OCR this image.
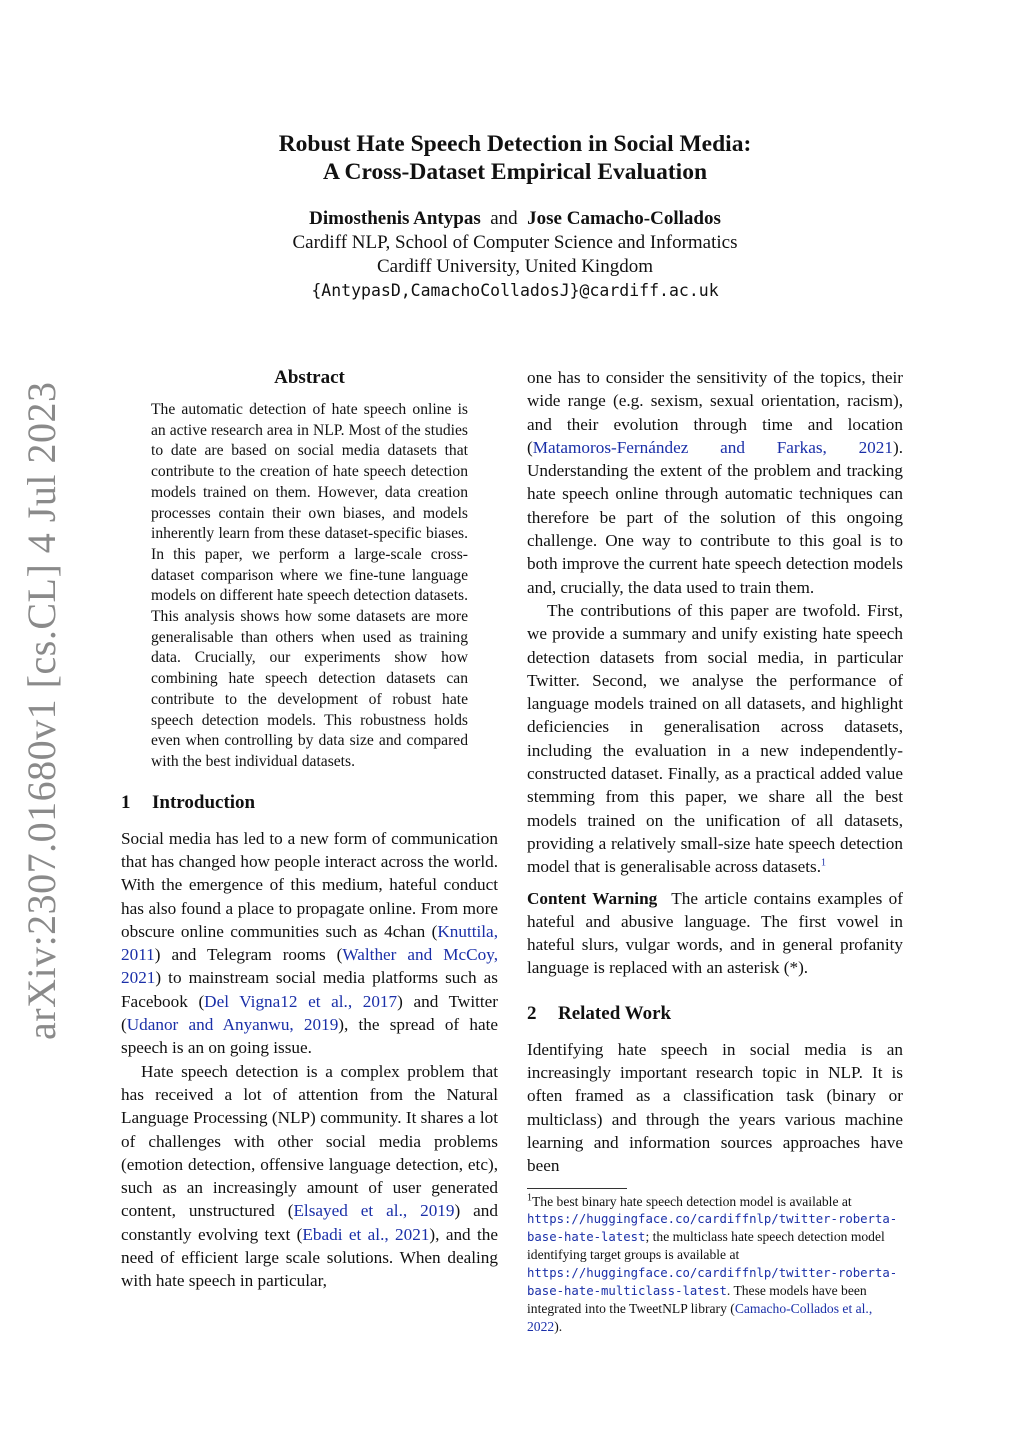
arXiv:2307.01680v1 [cs.CL] 4 Jul 2023

Robust Hate Speech Detection in Social Media:

A Cross-Dataset Empirical Evaluation

Dimosthenis Antypas and Jose Camacho-Collados
Cardiff NLP, School of Computer Science and Informatics
Cardiff University, United Kingdom
{AntypasD,CamachoColladosJ}@cardiff.ac.uk
Abstract
The automatic detection of hate speech online is an active research area in NLP. Most of the studies to date are based on social media datasets that contribute to the creation of hate speech detection models trained on them. However, data creation processes contain their own biases, and models inherently learn from these dataset-specific biases. In this paper, we perform a large-scale cross-dataset comparison where we fine-tune language models on different hate speech detection datasets. This analysis shows how some datasets are more generalisable than others when used as training data. Crucially, our experiments show how combining hate speech detection datasets can contribute to the development of robust hate speech detection models. This robustness holds even when controlling by data size and compared with the best individual datasets.
1 Introduction

Social media has led to a new form of communication that has changed how people interact across the world. With the emergence of this medium, hateful conduct has also found a place to propagate online. From more obscure online communities such as 4chan (Knuttila, 2011) and Telegram rooms (Walther and McCoy, 2021) to mainstream social media platforms such as Facebook (Del Vigna12 et al., 2017) and Twitter (Udanor and Anyanwu, 2019), the spread of hate speech is an on going issue.

Hate speech detection is a complex problem that has received a lot of attention from the Natural Language Processing (NLP) community. It shares a lot of challenges with other social media problems (emotion detection, offensive language detection, etc), such as an increasingly amount of user generated content, unstructured (Elsayed et al., 2019) and constantly evolving text (Ebadi et al., 2021), and the need of efficient large scale solutions. When dealing with hate speech in particular,

one has to consider the sensitivity of the topics, their wide range (e.g. sexism, sexual orientation, racism), and their evolution through time and location (Matamoros-Fernández and Farkas, 2021). Understanding the extent of the problem and tracking hate speech online through automatic techniques can therefore be part of the solution of this ongoing challenge. One way to contribute to this goal is to both improve the current hate speech detection models and, crucially, the data used to train them.

The contributions of this paper are twofold. First, we provide a summary and unify existing hate speech detection datasets from social media, in particular Twitter. Second, we analyse the performance of language models trained on all datasets, and highlight deficiencies in generalisation across datasets, including the evaluation in a new independently-constructed dataset. Finally, as a practical added value stemming from this paper, we share all the best models trained on the unification of all datasets, providing a relatively small-size hate speech detection model that is generalisable across datasets.$^1$

Content Warning The article contains examples of hateful and abusive language. The first vowel in hateful slurs, vulgar words, and in general profanity language is replaced with an asterisk (*).

2 Related Work

Identifying hate speech in social media is an increasingly important research topic in NLP. It is often framed as a classification task (binary or multiclass) and through the years various machine learning and information sources approaches have been

$^1$The best binary hate speech detection model is available at https://huggingface.co/cardiffnlp/twitter-roberta-base-hate-latest; the multiclass hate speech detection model identifying target groups is available at https://huggingface.co/cardiffnlp/twitter-roberta-base-hate-multiclass-latest. These models have been integrated into the TweetNLP library (Camacho-Collados et al., 2022).
